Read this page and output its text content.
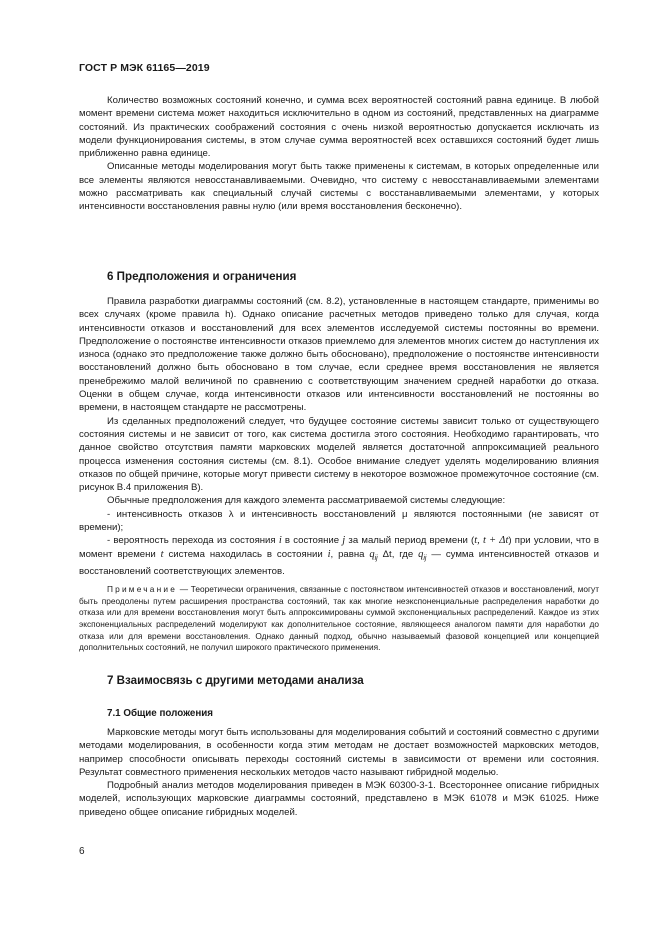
ГОСТ Р МЭК 61165—2019

Количество возможных состояний конечно, и сумма всех вероятностей состояний равна единице. В любой момент времени система может находиться исключительно в одном из состояний, представленных на диаграмме состояний. Из практических соображений состояния с очень низкой вероятностью допускается исключать из модели функционирования системы, в этом случае сумма вероятностей всех оставшихся состояний будет лишь приближенно равна единице.

Описанные методы моделирования могут быть также применены к системам, в которых определенные или все элементы являются невосстанавливаемыми. Очевидно, что систему с невосстанавливаемыми элементами можно рассматривать как специальный случай системы с восстанавливаемыми элементами, у которых интенсивности восстановления равны нулю (или время восстановления бесконечно).

6 Предположения и ограничения

Правила разработки диаграммы состояний (см. 8.2), установленные в настоящем стандарте, применимы во всех случаях (кроме правила h). Однако описание расчетных методов приведено только для случая, когда интенсивности отказов и восстановлений для всех элементов исследуемой системы постоянны во времени. Предположение о постоянстве интенсивности отказов приемлемо для элементов многих систем до наступления их износа (однако это предположение также должно быть обосновано), предположение о постоянстве интенсивности восстановлений должно быть обосновано в том случае, если среднее время восстановления не является пренебрежимо малой величиной по сравнению с соответствующим значением средней наработки до отказа. Оценки в общем случае, когда интенсивности отказов или интенсивности восстановлений не постоянны во времени, в настоящем стандарте не рассмотрены.

Из сделанных предположений следует, что будущее состояние системы зависит только от существующего состояния системы и не зависит от того, как система достигла этого состояния. Необходимо гарантировать, что данное свойство отсутствия памяти марковских моделей является достаточной аппроксимацией реального процесса изменения состояния системы (см. 8.1). Особое внимание следует уделять моделированию влияния отказов по общей причине, которые могут привести систему в некоторое возможное промежуточное состояние (см. рисунок В.4 приложения В).

Обычные предположения для каждого элемента рассматриваемой системы следующие:

- интенсивность отказов λ и интенсивность восстановлений μ являются постоянными (не зависят от времени);

- вероятность перехода из состояния i в состояние j за малый период времени (t, t + Δt) при условии, что в момент времени t система находилась в состоянии i, равна $q_{ij}$ Δt, где $q_{ij}$ — сумма интенсивностей отказов и восстановлений соответствующих элементов.

Примечание — Теоретически ограничения, связанные с постоянством интенсивностей отказов и восстановлений, могут быть преодолены путем расширения пространства состояний, так как многие неэкспоненциальные распределения наработки до отказа или для времени восстановления могут быть аппроксимированы суммой экспоненциальных распределений. Каждое из этих экспоненциальных распределений моделируют как дополнительное состояние, являющееся аналогом памяти для наработки до отказа или для времени восстановления. Однако данный подход, обычно называемый фазовой концепцией или концепцией дополнительных состояний, не получил широкого практического применения.

7 Взаимосвязь с другими методами анализа
7.1 Общие положения

Марковские методы могут быть использованы для моделирования событий и состояний совместно с другими методами моделирования, в особенности когда этим методам не достает возможностей марковских методов, например способности описывать переходы состояний системы в зависимости от времени или состояния. Результат совместного применения нескольких методов часто называют гибридной моделью.

Подробный анализ методов моделирования приведен в МЭК 60300-3-1. Всестороннее описание гибридных моделей, использующих марковские диаграммы состояний, представлено в МЭК 61078 и МЭК 61025. Ниже приведено общее описание гибридных моделей.

6
